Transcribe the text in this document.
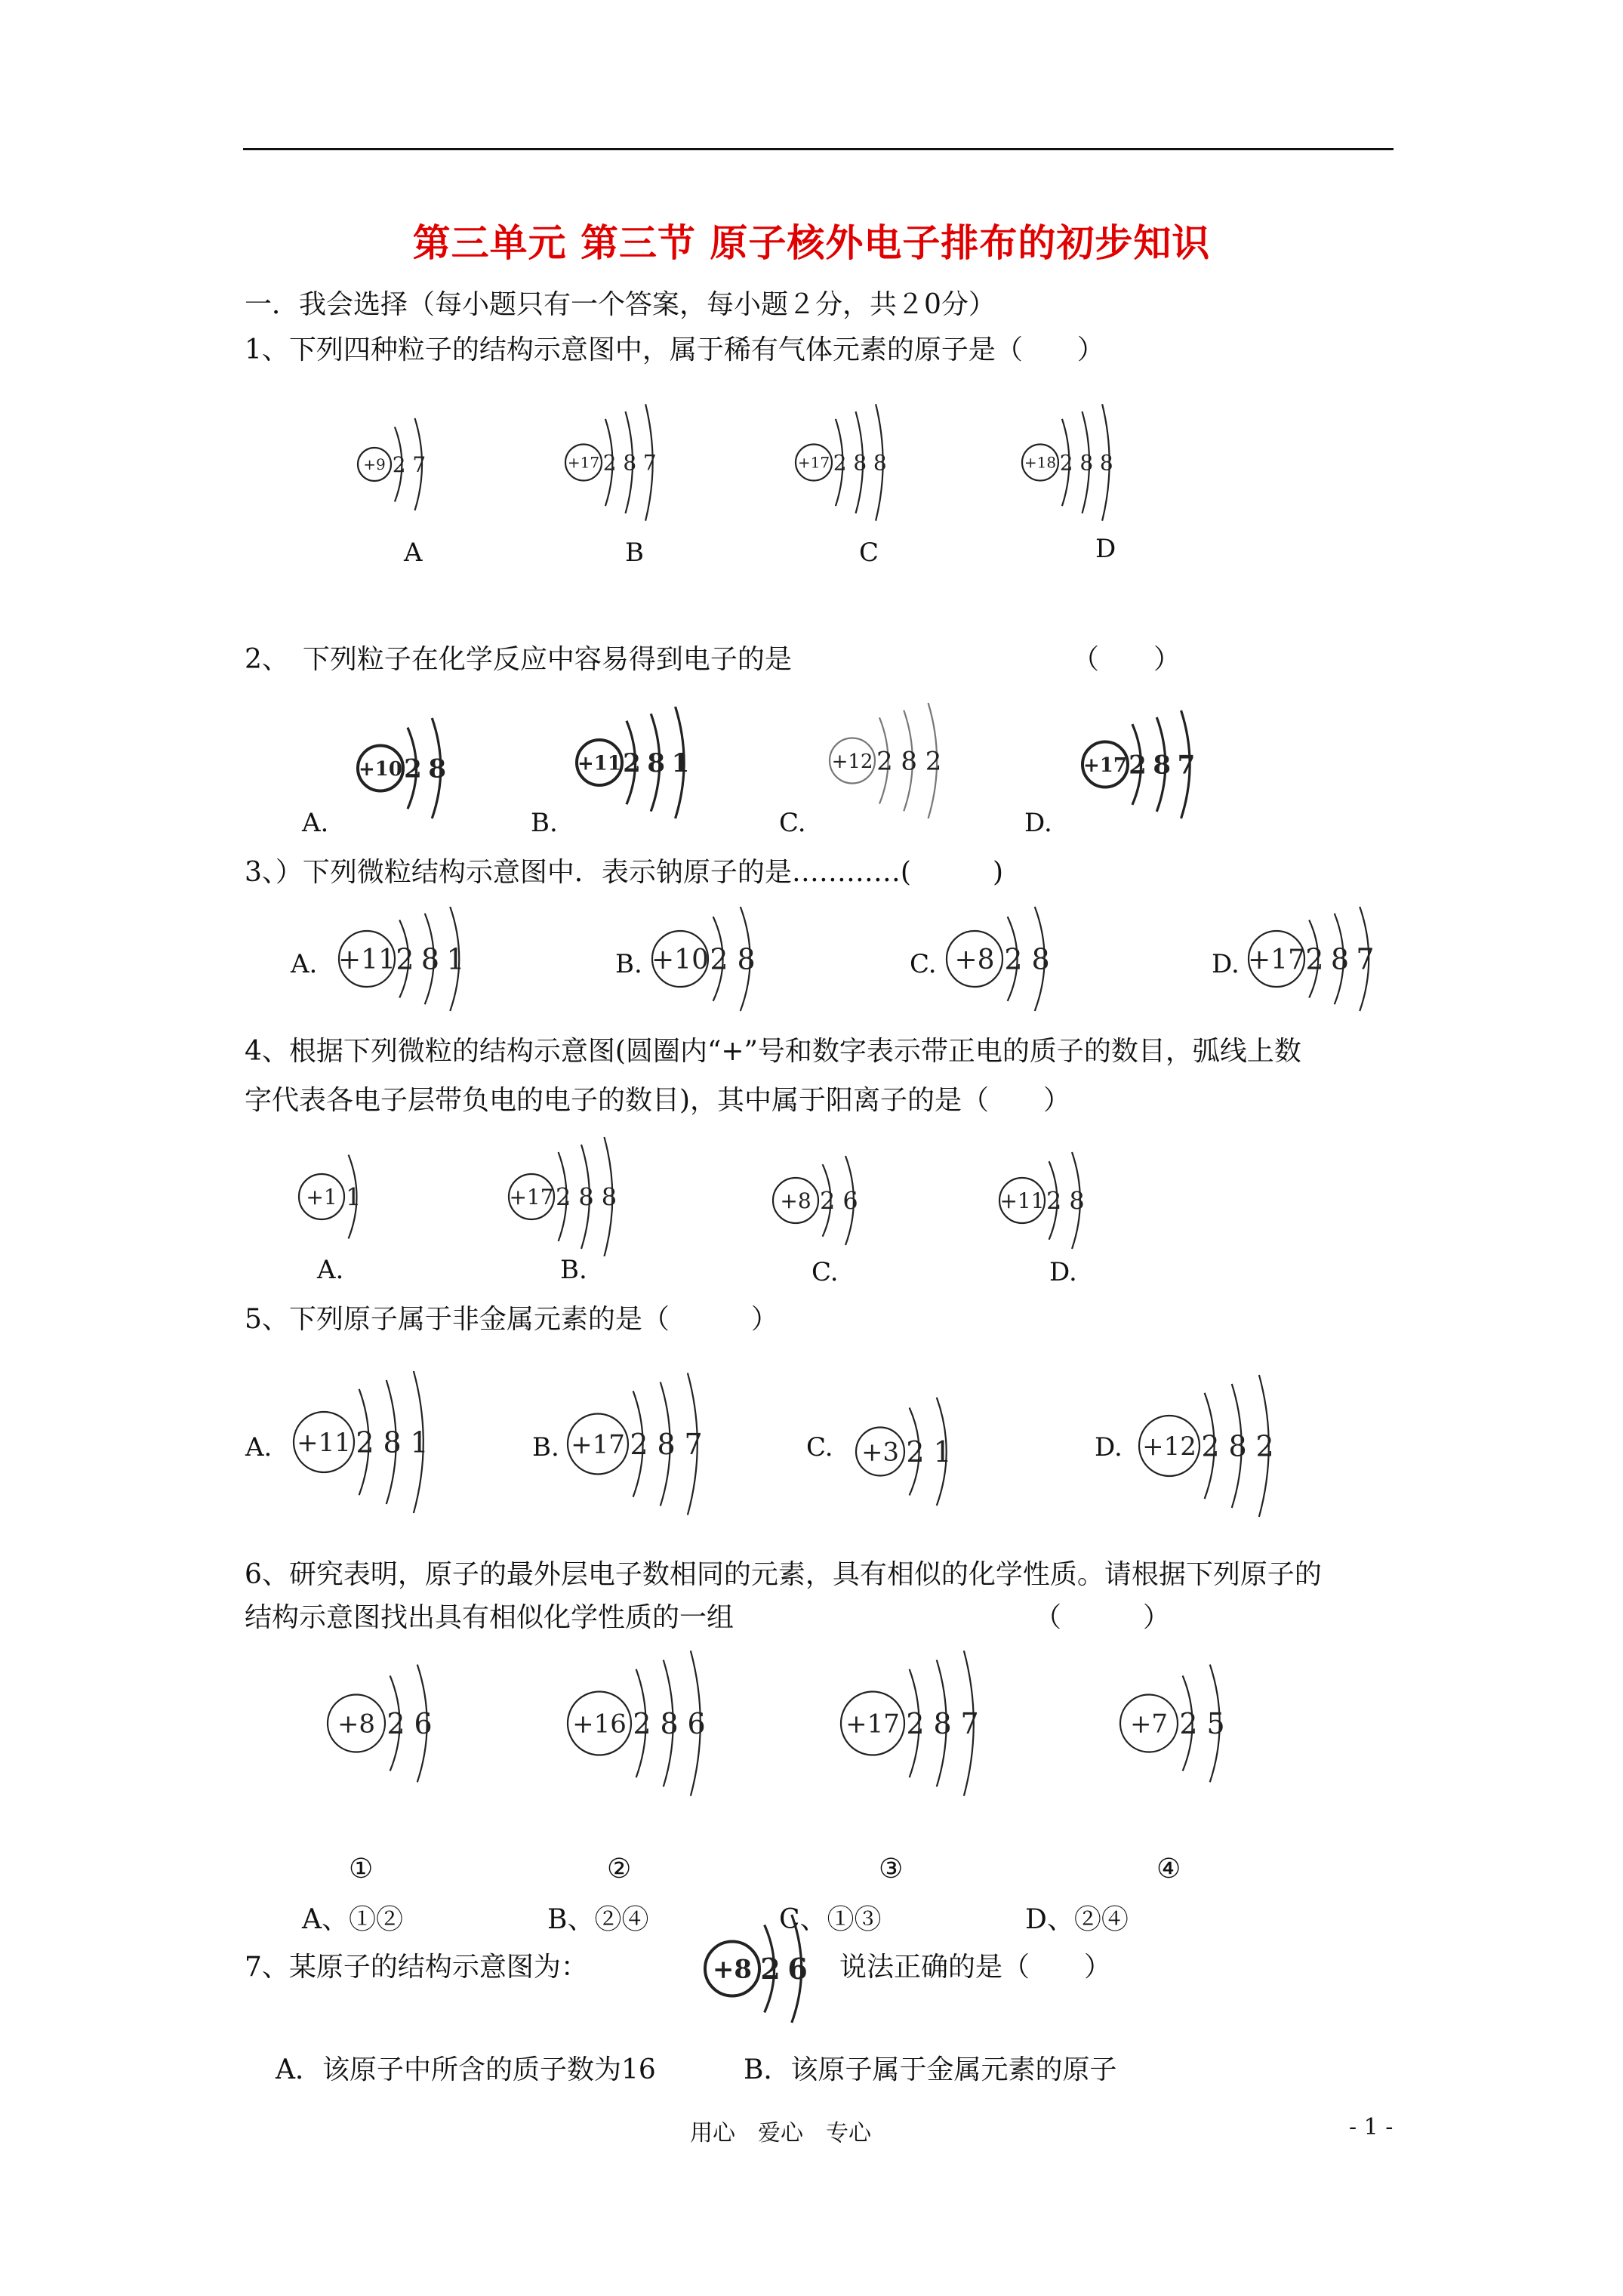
第三单元 第三节 原子核外电子排布的初步知识
一．我会选择（每小题只有一个答案，每小题２分，共２0分）
1、下列四种粒子的结构示意图中，属于稀有气体元素的原子是（　　）
+9 2 7	+17 2 8 7	+17 2 8 8	+18 2 8 8
A	B	C	D
2、　下列粒子在化学反应中容易得到电子的是	（　　）
+10 2 8	+11 2 8 1	+12 2 8 2	+17 2 8 7
A.	B.	C.	D.
3、）下列微粒结构示意图中．表示钠原子的是…………(　　　)
A. +11 2 8 1	B. +10 2 8	C. +8 2 8	D. +17 2 8 7
4、根据下列微粒的结构示意图(圆圈内“+”号和数字表示带正电的质子的数目，弧线上数
字代表各电子层带负电的电子的数目)，其中属于阳离子的是（　　）
+1 1	+17 2 8 8	+8 2 6	+11 2 8
A.	B.	C.	D.
5、下列原子属于非金属元素的是（　　　）
A. +11 2 8 1	B. +17 2 8 7	C. +3 2 1	D. +12 2 8 2
6、研究表明，原子的最外层电子数相同的元素，具有相似的化学性质。请根据下列原子的
结构示意图找出具有相似化学性质的一组	（　　　）
+8 2 6	+16 2 8 6	+17 2 8 7	+7 2 5
①	②	③	④
A、①②	B、②④	C、①③	D、②④
7、某原子的结构示意图为：	+8 2 6 说法正确的是（　　）
A．该原子中所含的质子数为16	B．该原子属于金属元素的原子
用心　爱心　专心	- 1 -
